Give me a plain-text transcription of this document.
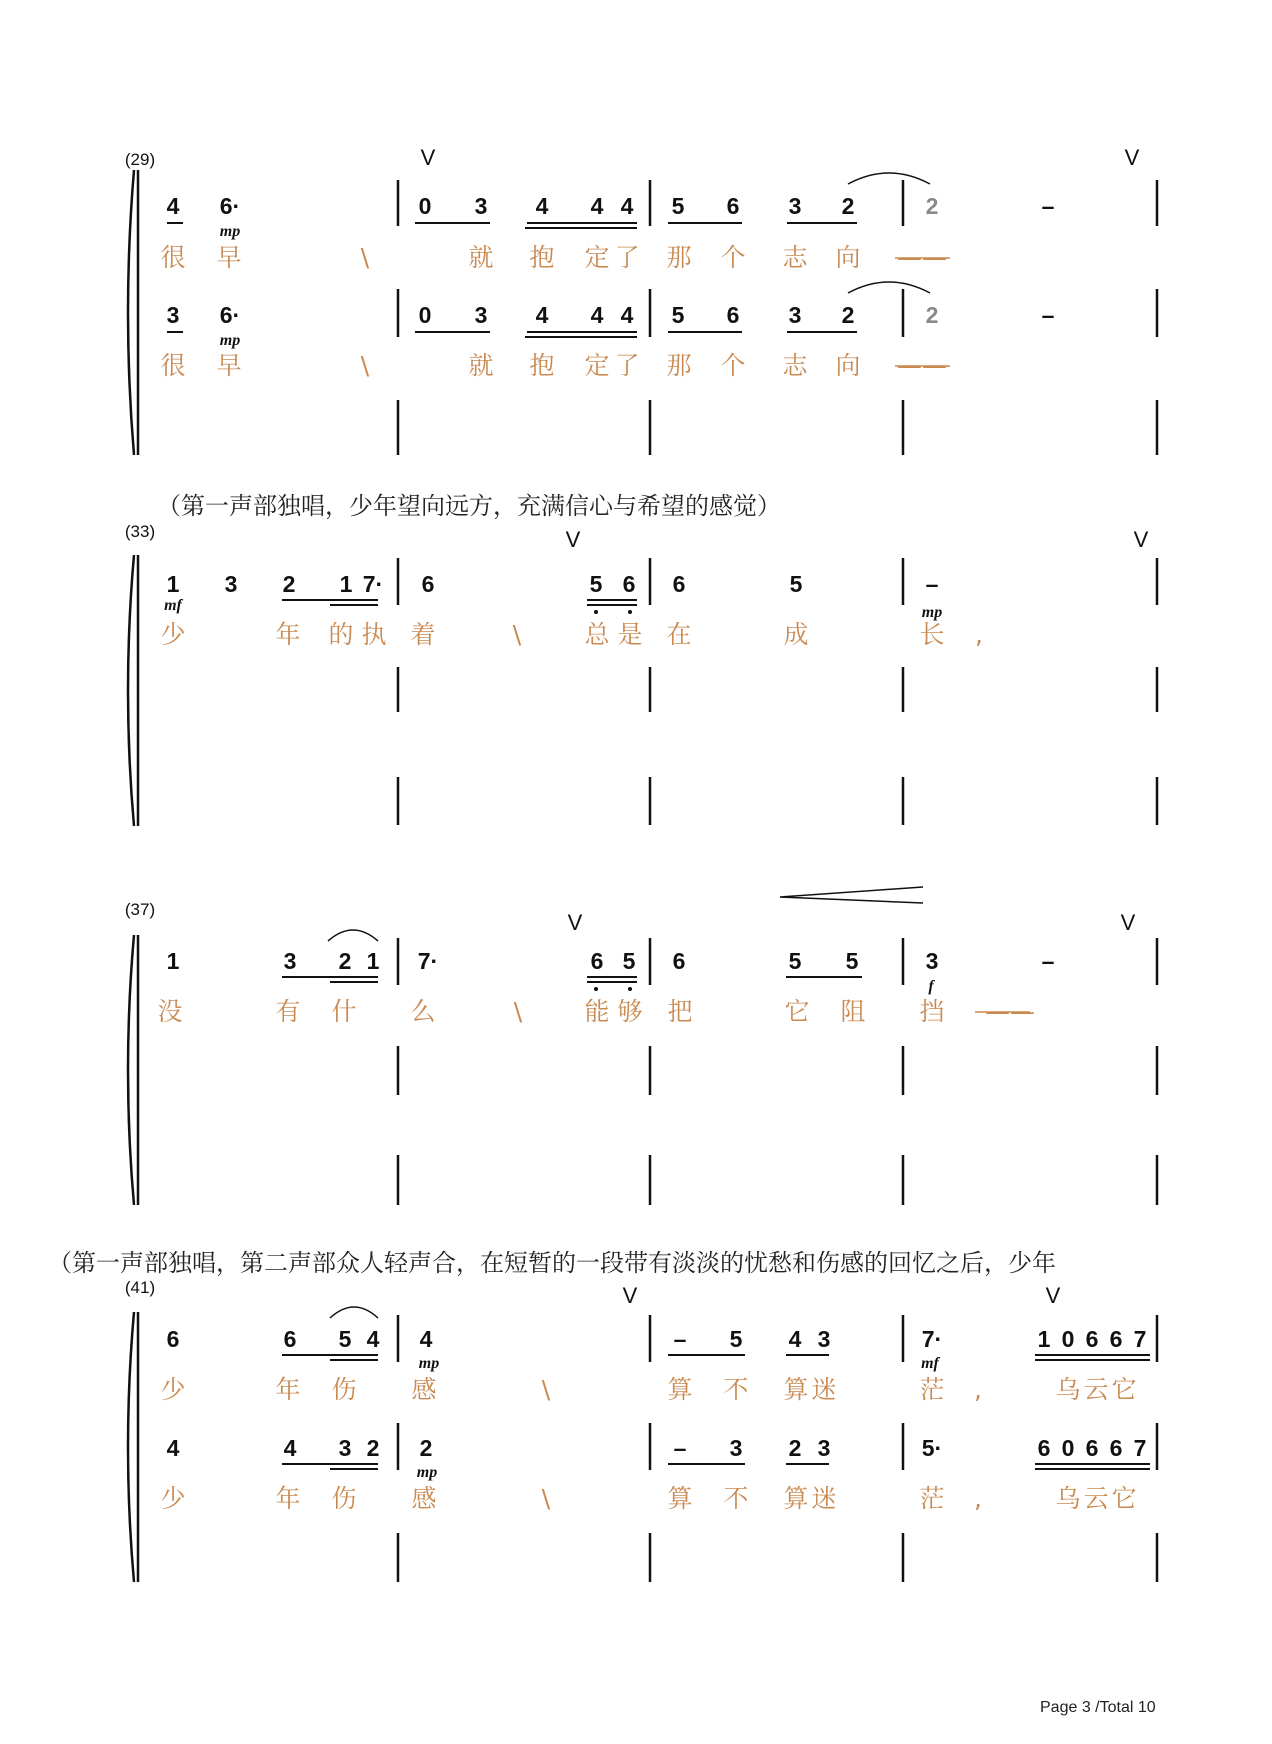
4 6·	0 3 4 4 4 5 6 3 2	2	–
很 早	\	就 抱 定 了 那 个 志 向 ——
3 6·	0 3 4 4 4 5 6 3 2	2	–
很 早	\	就 抱 定 了 那 个 志 向 ——
1 3 2 1 7· 6	5 6 6	5	–
少	年 的 执 着	\	总 是 在	成	长 ,
1	3 2 1 7·	6 5 6	5 5	3	–
没	有 什 么	\ 能 够 把	它 阻 挡 ——
6	6 5 4 4	– 5 4 3	7·	1 0 6 6 7
少	年 伤 感	\	算 不 算 迷	茫 ,	乌 云 它
4	4 3 2 2	– 3 2 3	5·	6 0 6 6 7
少	年 伤 感	\	算 不 算 迷	茫 ,	乌 云 它
mp
mp
mf	mp
f
mp	mf
mp
(29)
(33)
(37)
(41)
（第一声部独唱，少年望向远方，充满信心与希望的感觉）
（第一声部独唱，第二声部众人轻声合，在短暂的一段带有淡淡的忧愁和伤感的回忆之后，少年
Page 3 /Total 10
V	V
V	V
V	V
V	V
